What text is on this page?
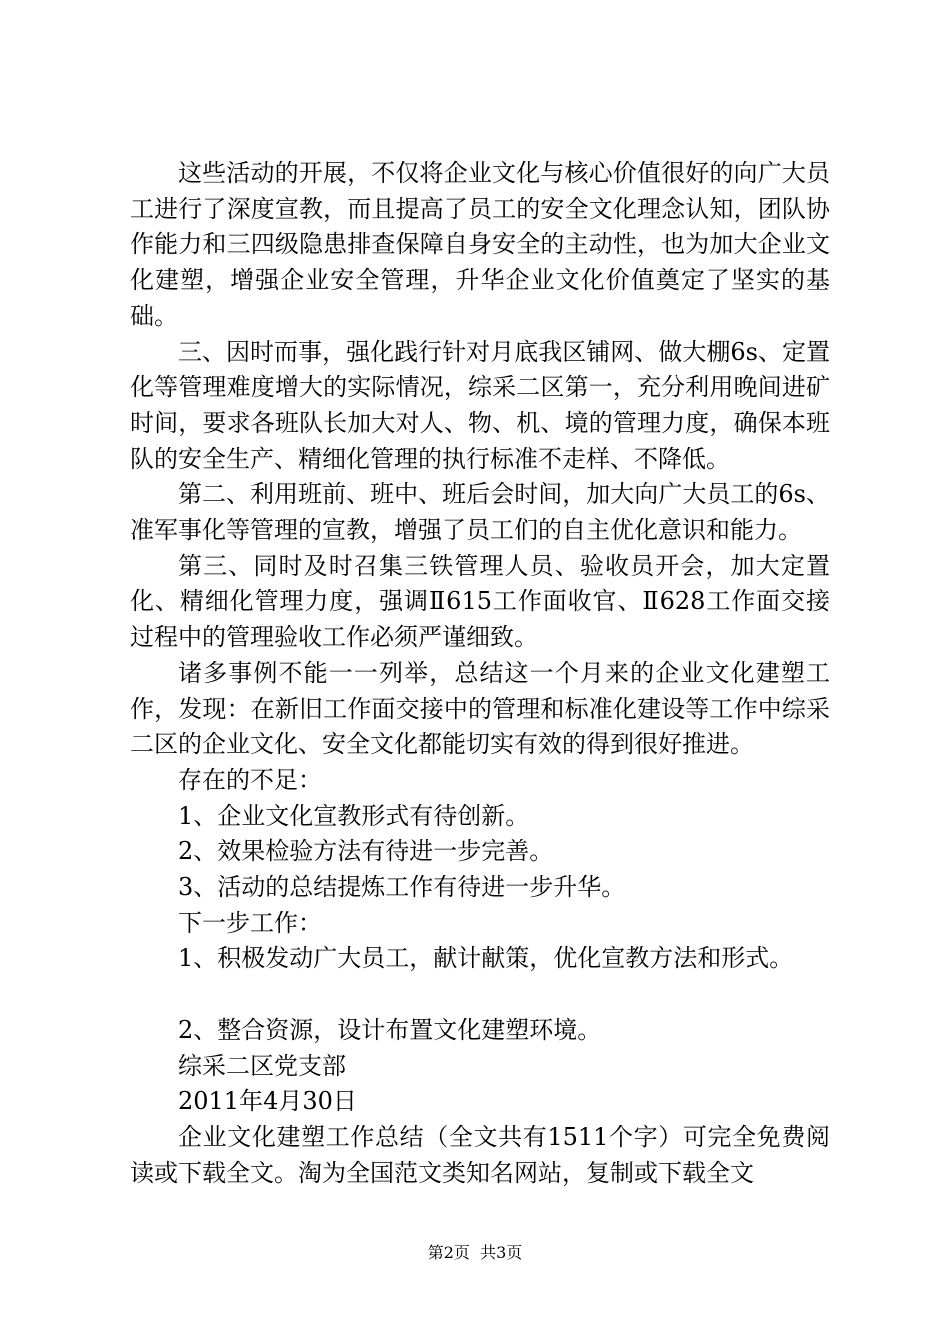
这些活动的开展，不仅将企业文化与核心价值很好的向广大员工进行了深度宣教，而且提高了员工的安全文化理念认知，团队协作能力和三四级隐患排查保障自身安全的主动性，也为加大企业文化建塑，增强企业安全管理，升华企业文化价值奠定了坚实的基础。

三、因时而事，强化践行针对月底我区铺网、做大棚6s、定置化等管理难度增大的实际情况，综采二区第一，充分利用晚间进矿时间，要求各班队长加大对人、物、机、境的管理力度，确保本班队的安全生产、精细化管理的执行标准不走样、不降低。

第二、利用班前、班中、班后会时间，加大向广大员工的6s、准军事化等管理的宣教，增强了员工们的自主优化意识和能力。

第三、同时及时召集三铁管理人员、验收员开会，加大定置化、精细化管理力度，强调Ⅱ615工作面收官、Ⅱ628工作面交接过程中的管理验收工作必须严谨细致。

诸多事例不能一一列举，总结这一个月来的企业文化建塑工作，发现：在新旧工作面交接中的管理和标准化建设等工作中综采二区的企业文化、安全文化都能切实有效的得到很好推进。

存在的不足：

1、企业文化宣教形式有待创新。

2、效果检验方法有待进一步完善。

3、活动的总结提炼工作有待进一步升华。

下一步工作：

1、积极发动广大员工，献计献策，优化宣教方法和形式。

2、整合资源，设计布置文化建塑环境。

综采二区党支部

2011年4月30日

企业文化建塑工作总结（全文共有1511个字）可完全免费阅读或下载全文。淘为全国范文类知名网站，复制或下载全文

第2页  共3页
